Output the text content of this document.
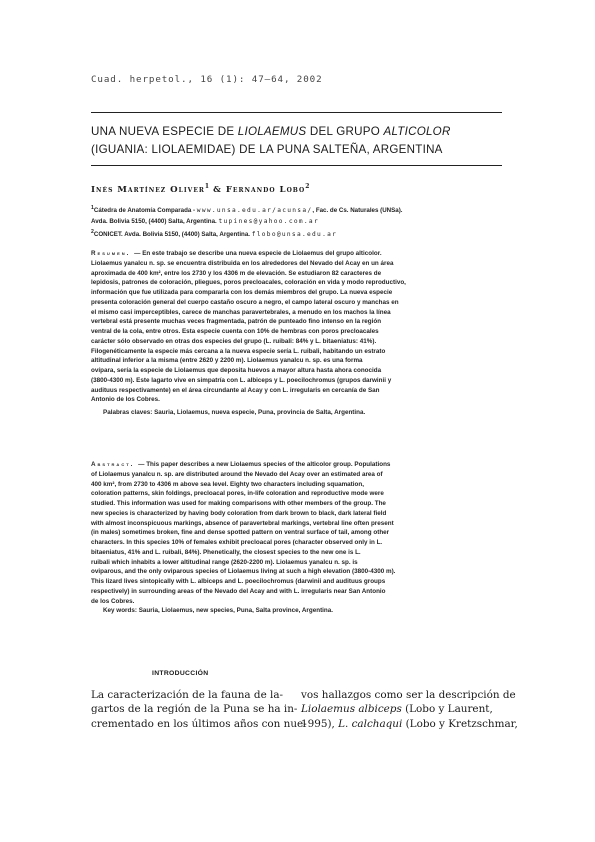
Cuad. herpetol., 16 (1): 47–64, 2002
UNA NUEVA ESPECIE DE LIOLAEMUS DEL GRUPO ALTICOLOR
(IGUANIA: LIOLAEMIDAE) DE LA PUNA SALTEÑA, ARGENTINA
Inés Martínez Oliver$^1$ & Fernando Lobo$^2$
$^1$Cátedra de Anatomía Comparada - www.unsa.edu.ar/acunsa/, Fac. de Cs. Naturales (UNSa).
Avda. Bolivia 5150, (4400) Salta, Argentina. tupines@yahoo.com.ar
$^2$CONICET. Avda. Bolivia 5150, (4400) Salta, Argentina. flobo@unsa.edu.ar
Resumen. — En este trabajo se describe una nueva especie de Liolaemus del grupo alticolor.
Liolaemus yanalcu n. sp. se encuentra distribuida en los alrededores del Nevado del Acay en un área
aproximada de 400 km², entre los 2730 y los 4306 m de elevación. Se estudiaron 82 caracteres de
lepidosis, patrones de coloración, pliegues, poros precloacales, coloración en vida y modo reproductivo,
información que fue utilizada para compararla con los demás miembros del grupo. La nueva especie
presenta coloración general del cuerpo castaño oscuro a negro, el campo lateral oscuro y manchas en
el mismo casi imperceptibles, carece de manchas paravertebrales, a menudo en los machos la línea
vertebral está presente muchas veces fragmentada, patrón de punteado fino intenso en la región
ventral de la cola, entre otros. Esta especie cuenta con 10% de hembras con poros precloacales
carácter sólo observado en otras dos especies del grupo (L. ruibali: 84% y L. bitaeniatus: 41%).
Filogenéticamente la especie más cercana a la nueva especie sería L. ruibali, habitando un estrato
altitudinal inferior a la misma (entre 2620 y 2200 m). Liolaemus yanalcu n. sp. es una forma
ovípara, sería la especie de Liolaemus que deposita huevos a mayor altura hasta ahora conocida
(3800-4300 m). Este lagarto vive en simpatría con L. albiceps y L. poecilochromus (grupos darwinii y
audituus respectivamente) en el área circundante al Acay y con L. irregularis en cercanía de San
Antonio de los Cobres.
Palabras claves: Sauria, Liolaemus, nueva especie, Puna, provincia de Salta, Argentina.
Abstract. — This paper describes a new Liolaemus species of the alticolor group. Populations
of Liolaemus yanalcu n. sp. are distributed around the Nevado del Acay over an estimated area of
400 km², from 2730 to 4306 m above sea level. Eighty two characters including squamation,
coloration patterns, skin foldings, precloacal pores, in-life coloration and reproductive mode were
studied. This information was used for making comparisons with other members of the group. The
new species is characterized by having body coloration from dark brown to black, dark lateral field
with almost inconspicuous markings, absence of paravertebral markings, vertebral line often present
(in males) sometimes broken, fine and dense spotted pattern on ventral surface of tail, among other
characters. In this species 10% of females exhibit precloacal pores (character observed only in L.
bitaeniatus, 41% and L. ruibali, 84%). Phenetically, the closest species to the new one is L.
ruibali which inhabits a lower altitudinal range (2620-2200 m). Liolaemus yanalcu n. sp. is
oviparous, and the only oviparous species of Liolaemus living at such a high elevation (3800-4300 m).
This lizard lives sintopically with L. albiceps and L. poecilochromus (darwinii and audituus groups
respectively) in surrounding areas of the Nevado del Acay and with L. irregularis near San Antonio
de los Cobres.
Key words: Sauria, Liolaemus, new species, Puna, Salta province, Argentina.
INTRODUCCIÓN
La caracterización de la fauna de la-
gartos de la región de la Puna se ha in-
crementado en los últimos años con nue-
vos hallazgos como ser la descripción de
Liolaemus albiceps (Lobo y Laurent,
1995), L. calchaqui (Lobo y Kretzschmar,
